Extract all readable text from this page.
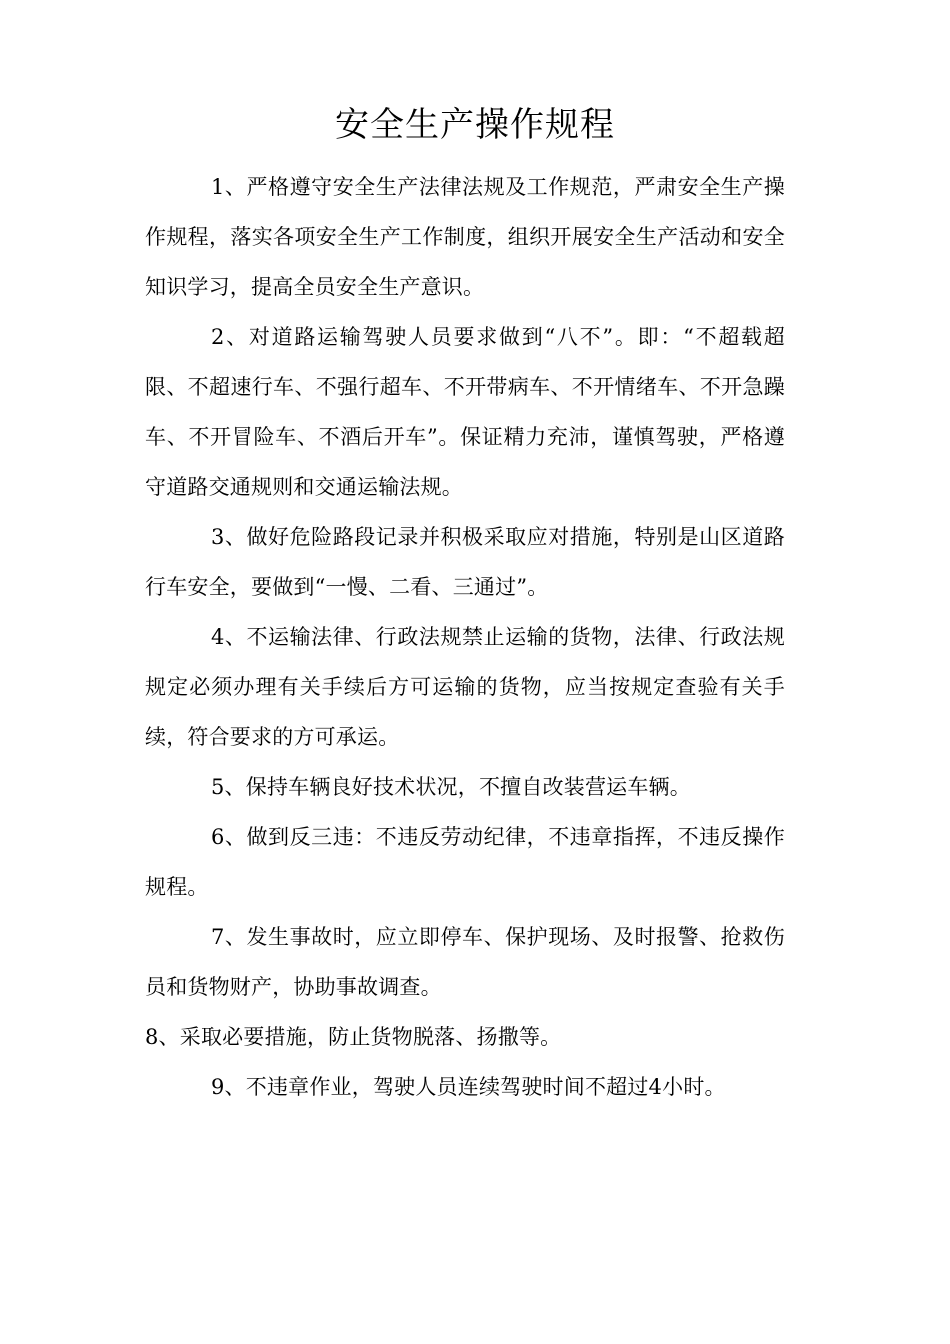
安全生产操作规程

1、严格遵守安全生产法律法规及工作规范，严肃安全生产操作规程，落实各项安全生产工作制度，组织开展安全生产活动和安全知识学习，提高全员安全生产意识。

2、对道路运输驾驶人员要求做到“八不”。即：“不超载超限、不超速行车、不强行超车、不开带病车、不开情绪车、不开急躁车、不开冒险车、不酒后开车”。保证精力充沛，谨慎驾驶，严格遵守道路交通规则和交通运输法规。

3、做好危险路段记录并积极采取应对措施，特别是山区道路行车安全，要做到“一慢、二看、三通过”。

4、不运输法律、行政法规禁止运输的货物，法律、行政法规规定必须办理有关手续后方可运输的货物，应当按规定查验有关手续，符合要求的方可承运。

5、保持车辆良好技术状况，不擅自改装营运车辆。

6、做到反三违：不违反劳动纪律，不违章指挥，不违反操作规程。

7、发生事故时，应立即停车、保护现场、及时报警、抢救伤员和货物财产，协助事故调查。

8、采取必要措施，防止货物脱落、扬撒等。

9、不违章作业，驾驶人员连续驾驶时间不超过4小时。
